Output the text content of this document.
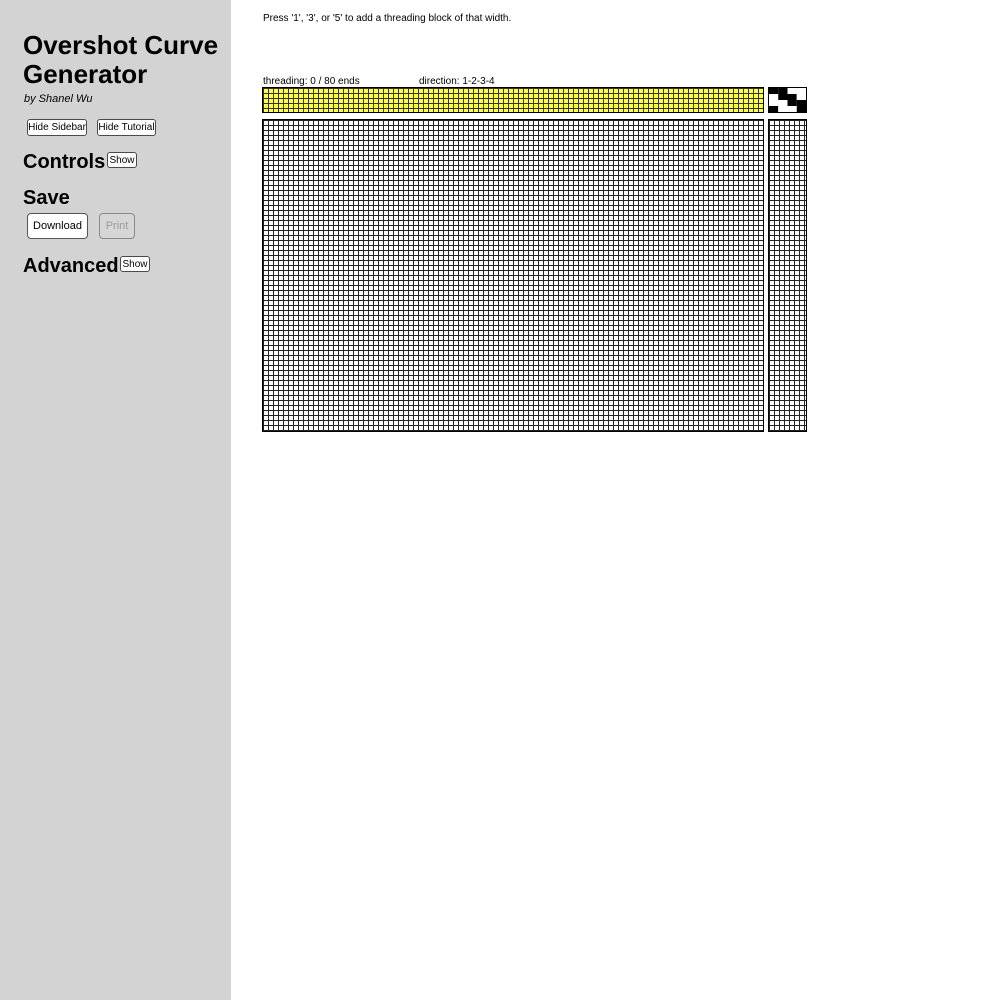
Overshot Curve Generator
by Shanel Wu
Hide Sidebar Hide Tutorial
Controls Show
Save
Download	Print
Advanced Show
Press '1', '3', or '5' to add a threading block of that width.
threading: 0 / 80 ends	direction: 1-2-3-4
